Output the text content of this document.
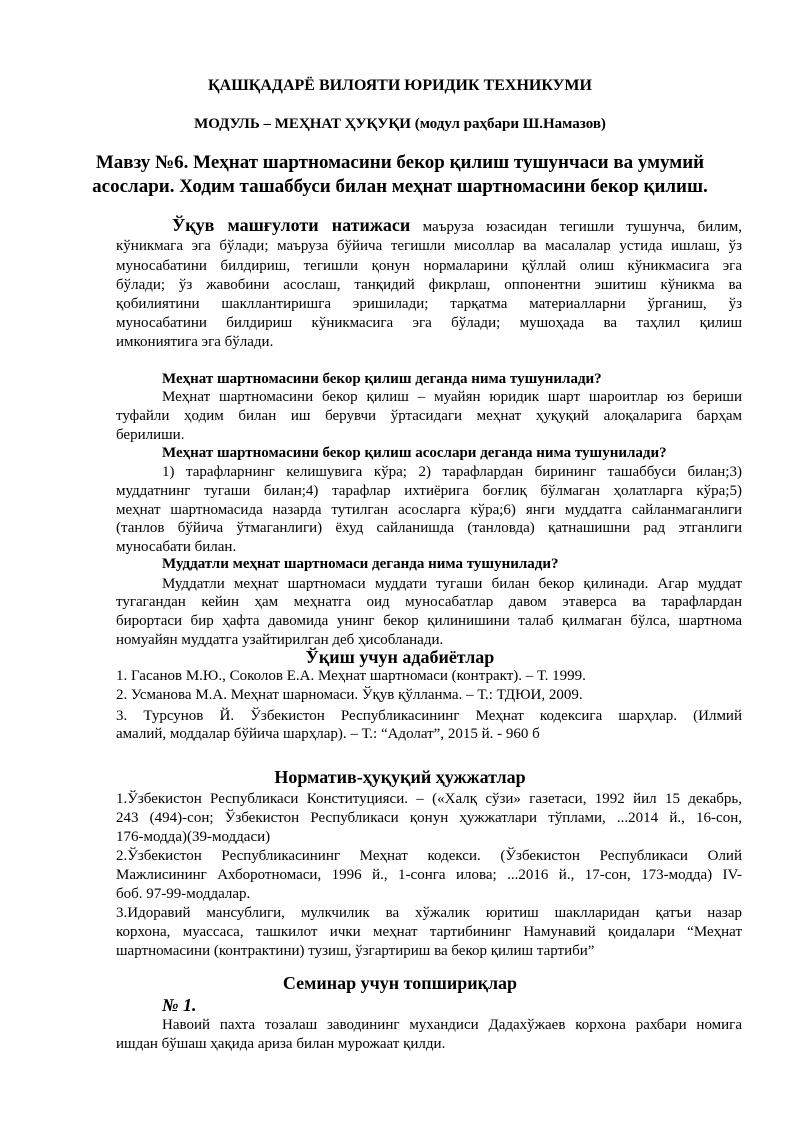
ҚАШҚАДАРЁ ВИЛОЯТИ ЮРИДИК ТЕХНИКУМИ
МОДУЛЬ – МЕҲНАТ ҲУҚУҚИ (модул раҳбари Ш.Намазов)
Мавзу №6. Меҳнат шартномасини бекор қилиш тушунчаси ва умумий
асослари. Ходим ташаббуси билан меҳнат шартномасини бекор қилиш.
Ўқув машғулоти натижаси маъруза юзасидан тегишли тушунча, билим,
кўникмага эга бўлади; маъруза бўйича тегишли мисоллар ва масалалар устида ишлаш, ўз
муносабатини билдириш, тегишли қонун нормаларини қўллай олиш кўникмасига эга
бўлади; ўз жавобини асослаш, танқидий фикрлаш, оппонентни эшитиш кўникма ва
қобилиятини шакллантиришга эришилади; тарқатма материалларни ўрганиш, ўз
муносабатини билдириш кўникмасига эга бўлади; мушоҳада ва таҳлил қилиш
имкониятига эга бўлади.
Меҳнат шартномасини бекор қилиш деганда нима тушунилади?
Меҳнат шартномасини бекор қилиш – муайян юридик шарт шароитлар юз бериши
туфайли ҳодим билан иш берувчи ўртасидаги меҳнат ҳуқуқий алоқаларига барҳам
берилиши.
Меҳнат шартномасини бекор қилиш асослари деганда нима тушунилади?
1) тарафларнинг келишувига кўра; 2) тарафлардан бирининг ташаббуси билан;3)
муддатнинг тугаши билан;4) тарафлар ихтиёрига боғлиқ бўлмаган ҳолатларга кўра;5)
меҳнат шартномасида назарда тутилган асосларга кўра;6) янги муддатга сайланмаганлиги
(танлов бўйича ўтмаганлиги) ёхуд сайланишда (танловда) қатнашишни рад этганлиги
муносабати билан.
Муддатли меҳнат шартномаси деганда нима тушунилади?
Муддатли меҳнат шартномаси муддати тугаши билан бекор қилинади. Агар муддат
тугагандан кейин ҳам меҳнатга оид муносабатлар давом этаверса ва тарафлардан
бирортаси бир ҳафта давомида унинг бекор қилинишини талаб қилмаган бўлса, шартнома
номуайян муддатга узайтирилган деб ҳисобланади.
Ўқиш учун адабиётлар
1. Гасанов М.Ю., Соколов Е.А. Меҳнат шартномаси (контракт). – Т. 1999.
2. Усманова М.А. Меҳнат шарномаси. Ўқув қўлланма. – Т.: ТДЮИ, 2009.
3. Турсунов Й. Ўзбекистон Республикасининг Меҳнат кодексига шарҳлар. (Илмий
амалий, моддалар бўйича шарҳлар). – Т.: “Адолат”, 2015 й. - 960 б
Норматив-ҳуқуқий ҳужжатлар
1.Ўзбекистон Республикаси Конституцияси. – («Халқ сўзи» газетаси, 1992 йил 15 декабрь,
243 (494)-сон; Ўзбекистон Республикаси қонун ҳужжатлари тўплами, ...2014 й., 16-сон,
176-модда)(39-моддаси)
2.Ўзбекистон Республикасининг Меҳнат кодекси. (Ўзбекистон Республикаси Олий
Мажлисининг Ахборотномаси, 1996 й., 1-сонга илова; ...2016 й., 17-сон, 173-модда) IV-
боб. 97-99-моддалар.
3.Идоравий мансублиги, мулкчилик ва хўжалик юритиш шаклларидан қатъи назар
корхона, муассаса, ташкилот ички меҳнат тартибининг Намунавий қоидалари “Меҳнат
шартномасини (контрактини) тузиш, ўзгартириш ва бекор қилиш тартиби”
Семинар учун топшириқлар
№ 1.
Навоий пахта тозалаш заводининг мухандиси Дадахўжаев корхона рахбари номига
ишдан бўшаш ҳақида ариза билан мурожаат қилди.
